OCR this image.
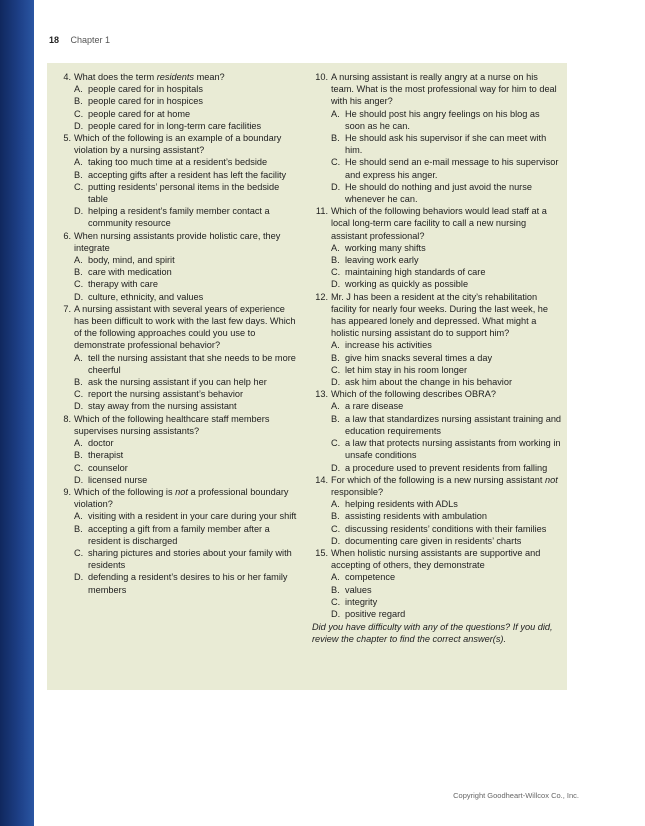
18 Chapter 1
4. What does the term residents mean?
A. people cared for in hospitals
B. people cared for in hospices
C. people cared for at home
D. people cared for in long-term care facilities
5. Which of the following is an example of a boundary violation by a nursing assistant?
A. taking too much time at a resident’s bedside
B. accepting gifts after a resident has left the facility
C. putting residents’ personal items in the bedside table
D. helping a resident’s family member contact a community resource
6. When nursing assistants provide holistic care, they integrate
A. body, mind, and spirit
B. care with medication
C. therapy with care
D. culture, ethnicity, and values
7. A nursing assistant with several years of experience has been difficult to work with the last few days. Which of the following approaches could you use to demonstrate professional behavior?
A. tell the nursing assistant that she needs to be more cheerful
B. ask the nursing assistant if you can help her
C. report the nursing assistant’s behavior
D. stay away from the nursing assistant
8. Which of the following healthcare staff members supervises nursing assistants?
A. doctor
B. therapist
C. counselor
D. licensed nurse
9. Which of the following is not a professional boundary violation?
A. visiting with a resident in your care during your shift
B. accepting a gift from a family member after a resident is discharged
C. sharing pictures and stories about your family with residents
D. defending a resident’s desires to his or her family members
10. A nursing assistant is really angry at a nurse on his team. What is the most professional way for him to deal with his anger?
A. He should post his angry feelings on his blog as soon as he can.
B. He should ask his supervisor if she can meet with him.
C. He should send an e-mail message to his supervisor and express his anger.
D. He should do nothing and just avoid the nurse whenever he can.
11. Which of the following behaviors would lead staff at a local long-term care facility to call a new nursing assistant professional?
A. working many shifts
B. leaving work early
C. maintaining high standards of care
D. working as quickly as possible
12. Mr. J has been a resident at the city’s rehabilitation facility for nearly four weeks. During the last week, he has appeared lonely and depressed. What might a holistic nursing assistant do to support him?
A. increase his activities
B. give him snacks several times a day
C. let him stay in his room longer
D. ask him about the change in his behavior
13. Which of the following describes OBRA?
A. a rare disease
B. a law that standardizes nursing assistant training and education requirements
C. a law that protects nursing assistants from working in unsafe conditions
D. a procedure used to prevent residents from falling
14. For which of the following is a new nursing assistant not responsible?
A. helping residents with ADLs
B. assisting residents with ambulation
C. discussing residents’ conditions with their families
D. documenting care given in residents’ charts
15. When holistic nursing assistants are supportive and accepting of others, they demonstrate
A. competence
B. values
C. integrity
D. positive regard
Did you have difficulty with any of the questions? If you did, review the chapter to find the correct answer(s).
Copyright Goodheart-Willcox Co., Inc.
